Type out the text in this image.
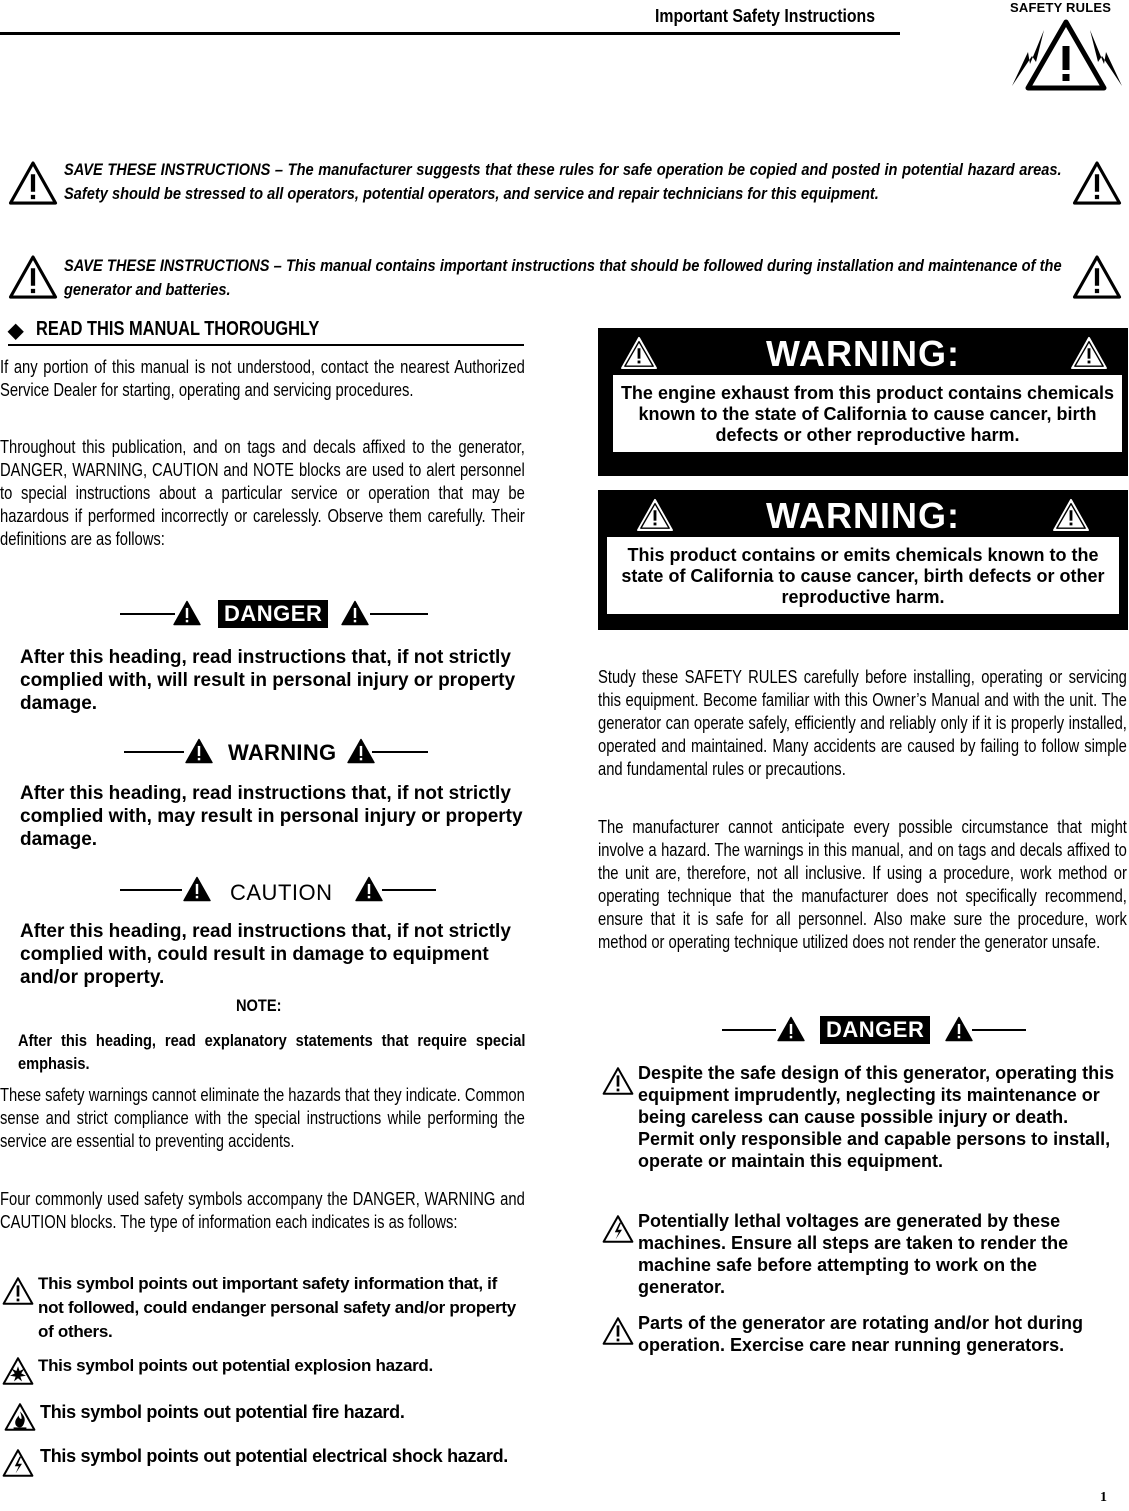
Important Safety Instructions	SAFETY RULES
SAVE THESE INSTRUCTIONS – The manufacturer suggests that these rules for safe operation be copied and posted in potential hazard areas. Safety should be stressed to all operators, potential operators, and service and repair technicians for this equipment.
SAVE THESE INSTRUCTIONS – This manual contains important instructions that should be followed during installation and maintenance of the generator and batteries.
◆ READ THIS MANUAL THOROUGHLY
If any portion of this manual is not understood, contact the nearest Authorized Service Dealer for starting, operating and servicing procedures.
Throughout this publication, and on tags and decals affixed to the generator, DANGER, WARNING, CAUTION and NOTE blocks are used to alert personnel to special instructions about a particular service or operation that may be hazardous if performed incorrectly or carelessly. Observe them carefully. Their definitions are as follows:
DANGER
After this heading, read instructions that, if not strictly complied with, will result in personal injury or property damage.
WARNING
After this heading, read instructions that, if not strictly complied with, may result in personal injury or property damage.
CAUTION
After this heading, read instructions that, if not strictly complied with, could result in damage to equipment and/or property.
NOTE:
After this heading, read explanatory statements that require special emphasis.
These safety warnings cannot eliminate the hazards that they indicate. Common sense and strict compliance with the special instructions while performing the service are essential to preventing accidents.
Four commonly used safety symbols accompany the DANGER, WARNING and CAUTION blocks. The type of information each indicates is as follows:
This symbol points out important safety information that, if not followed, could endanger personal safety and/or property of others.
This symbol points out potential explosion hazard.
This symbol points out potential fire hazard.
This symbol points out potential electrical shock hazard.
WARNING:
The engine exhaust from this product contains chemicals known to the state of California to cause cancer, birth defects or other reproductive harm.
WARNING:
This product contains or emits chemicals known to the state of California to cause cancer, birth defects or other reproductive harm.
Study these SAFETY RULES carefully before installing, operating or servicing this equipment. Become familiar with this Owner’s Manual and with the unit. The generator can operate safely, efficiently and reliably only if it is properly installed, operated and maintained. Many accidents are caused by failing to follow simple and fundamental rules or precautions.
The manufacturer cannot anticipate every possible circumstance that might involve a hazard. The warnings in this manual, and on tags and decals affixed to the unit are, therefore, not all inclusive. If using a procedure, work method or operating technique that the manufacturer does not specifically recommend, ensure that it is safe for all personnel. Also make sure the procedure, work method or operating technique utilized does not render the generator unsafe.
DANGER
Despite the safe design of this generator, operating this equipment imprudently, neglecting its maintenance or being careless can cause possible injury or death. Permit only responsible and capable persons to install, operate or maintain this equipment.
Potentially lethal voltages are generated by these machines. Ensure all steps are taken to render the machine safe before attempting to work on the generator.
Parts of the generator are rotating and/or hot during operation. Exercise care near running generators.
1
